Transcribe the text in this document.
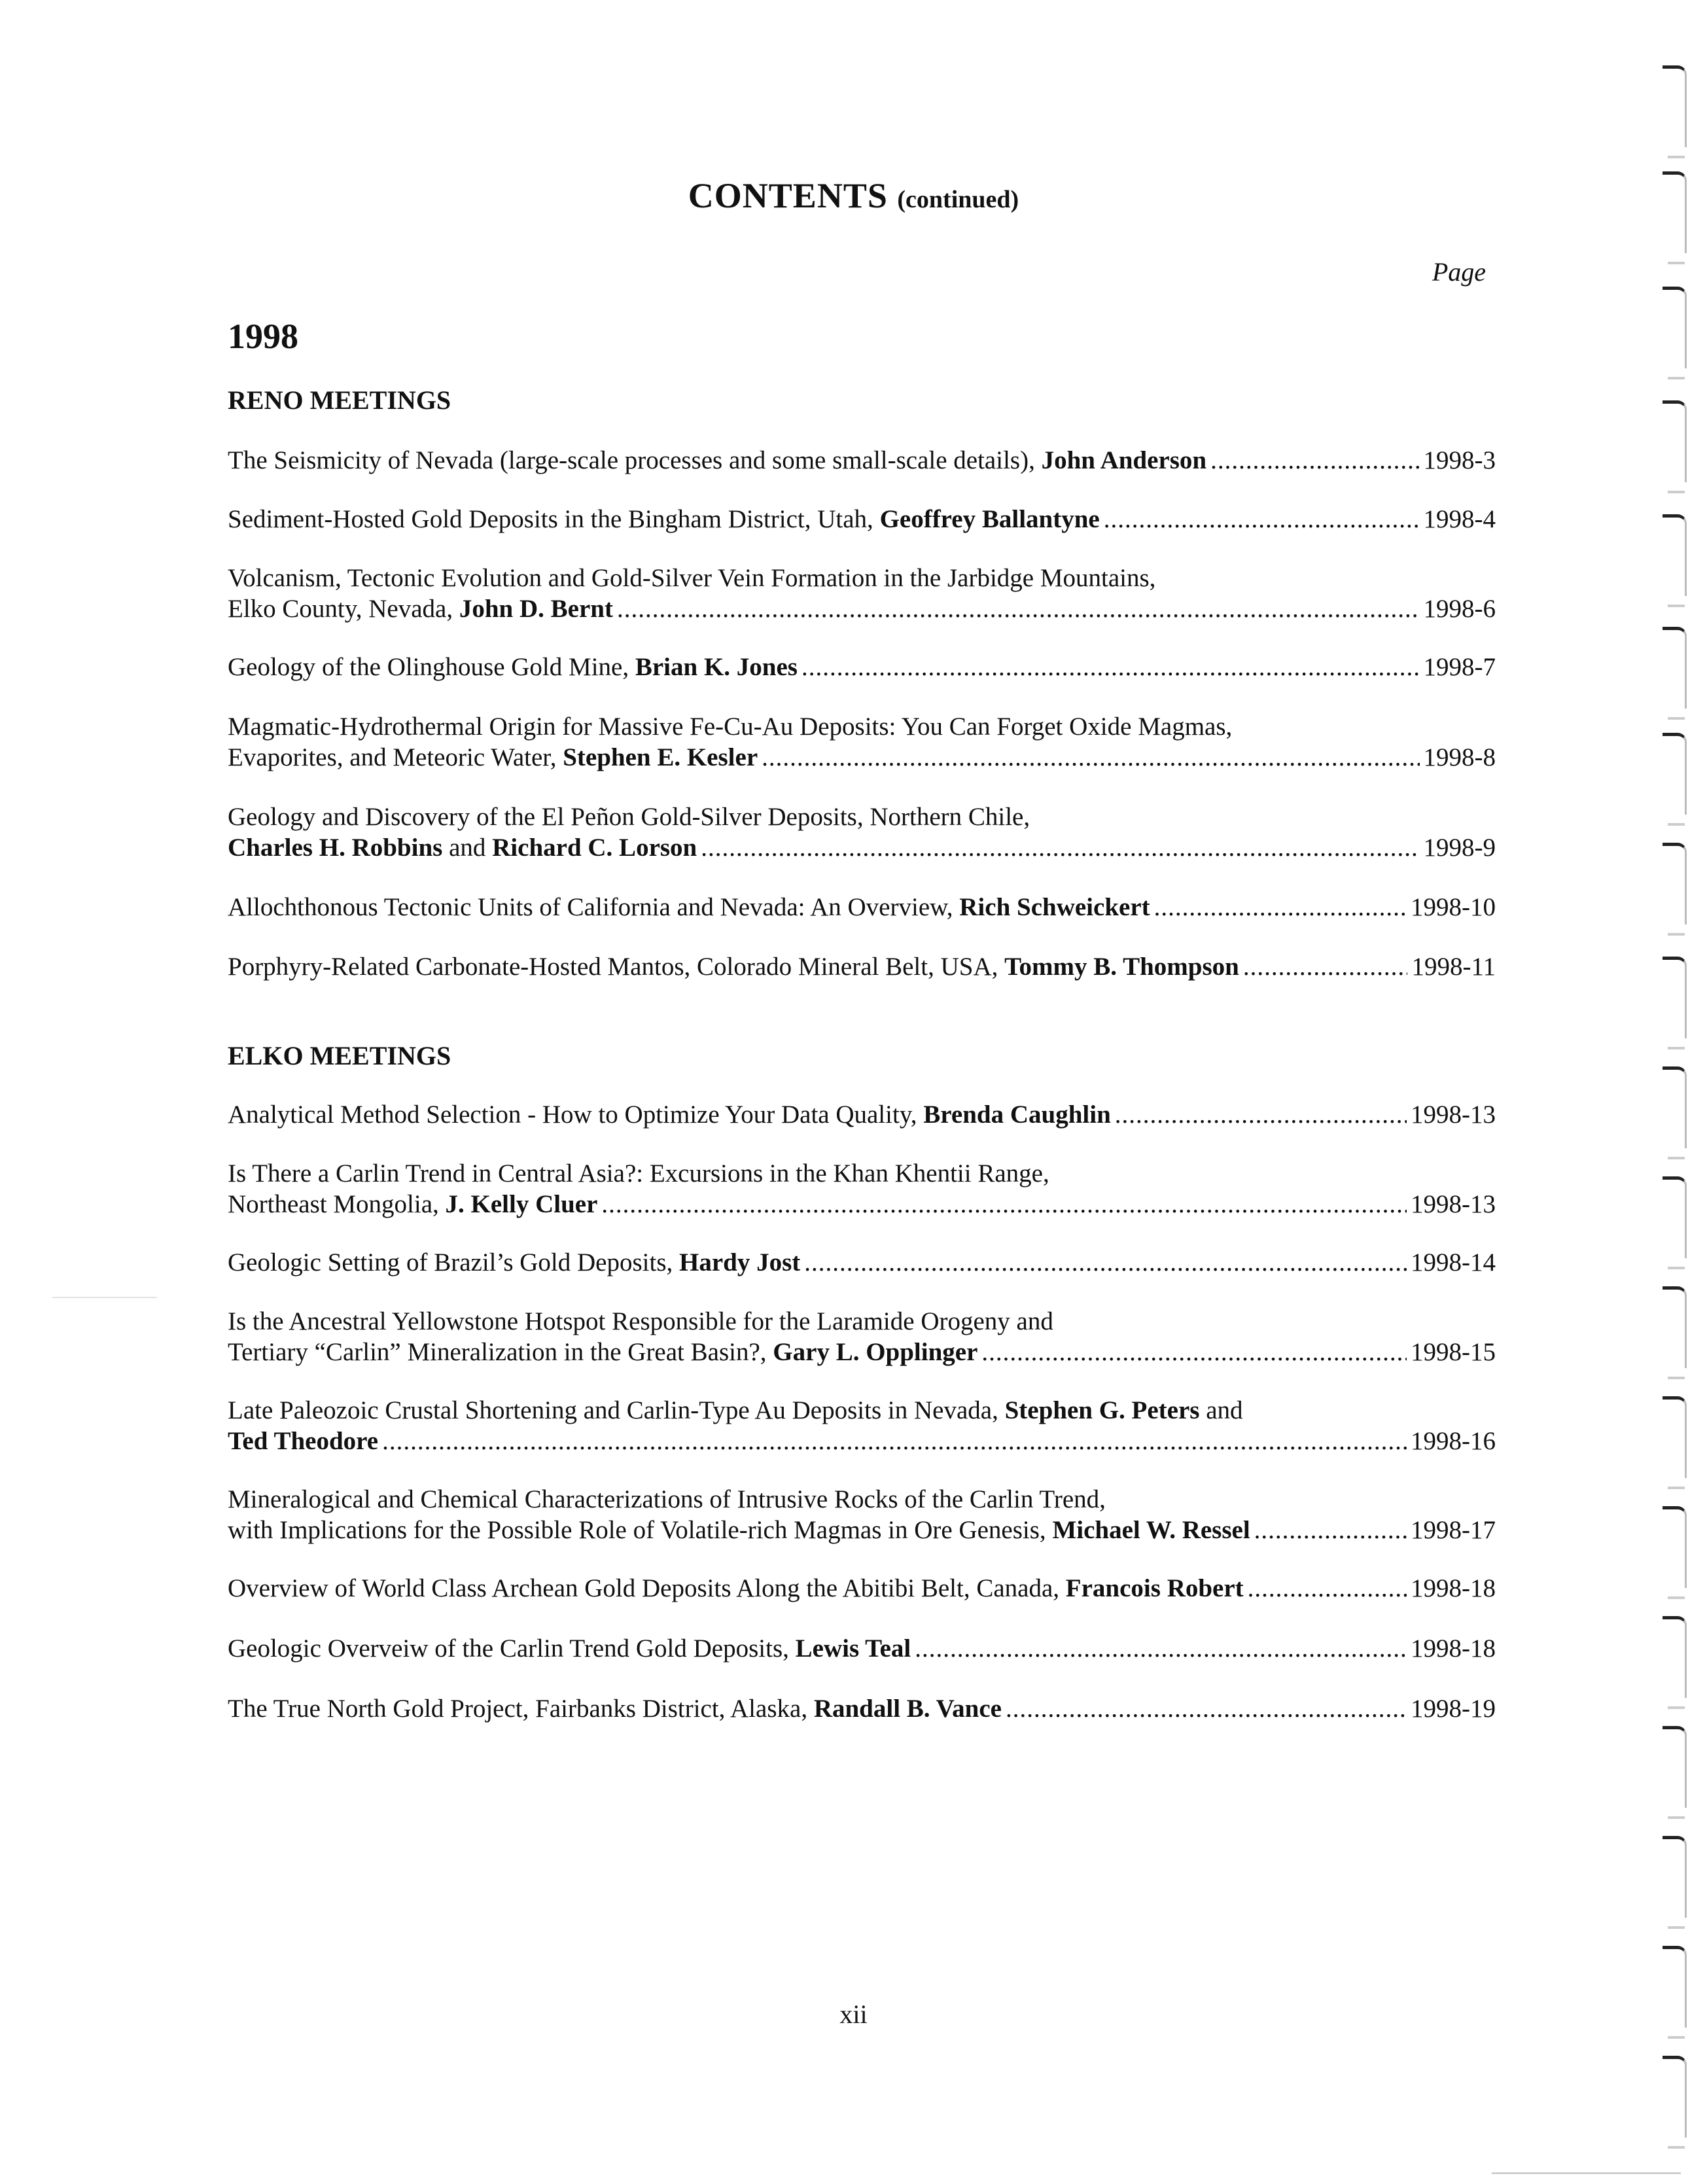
CONTENTS (continued)
Page
1998
RENO MEETINGS
The Seismicity of Nevada (large-scale processes and some small-scale details), John Anderson .....	1998-3
Sediment-Hosted Gold Deposits in the Bingham District, Utah, Geoffrey Ballantyne .....	1998-4
Volcanism, Tectonic Evolution and Gold-Silver Vein Formation in the Jarbidge Mountains,
Elko County, Nevada, John D. Bernt .....	1998-6
Geology of the Olinghouse Gold Mine, Brian K. Jones .....	1998-7
Magmatic-Hydrothermal Origin for Massive Fe-Cu-Au Deposits: You Can Forget Oxide Magmas,
Evaporites, and Meteoric Water, Stephen E. Kesler .....	1998-8
Geology and Discovery of the El Peñon Gold-Silver Deposits, Northern Chile,
Charles H. Robbins and Richard C. Lorson .....	1998-9
Allochthonous Tectonic Units of California and Nevada: An Overview, Rich Schweickert .....	1998-10
Porphyry-Related Carbonate-Hosted Mantos, Colorado Mineral Belt, USA, Tommy B. Thompson .....	1998-11
ELKO MEETINGS
Analytical Method Selection - How to Optimize Your Data Quality, Brenda Caughlin .....	1998-13
Is There a Carlin Trend in Central Asia?: Excursions in the Khan Khentii Range,
Northeast Mongolia, J. Kelly Cluer .....	1998-13
Geologic Setting of Brazil’s Gold Deposits, Hardy Jost .....	1998-14
Is the Ancestral Yellowstone Hotspot Responsible for the Laramide Orogeny and
Tertiary “Carlin” Mineralization in the Great Basin?, Gary L. Opplinger .....	1998-15
Late Paleozoic Crustal Shortening and Carlin-Type Au Deposits in Nevada, Stephen G. Peters and
Ted Theodore .....	1998-16
Mineralogical and Chemical Characterizations of Intrusive Rocks of the Carlin Trend,
with Implications for the Possible Role of Volatile-rich Magmas in Ore Genesis, Michael W. Ressel .....	1998-17
Overview of World Class Archean Gold Deposits Along the Abitibi Belt, Canada, Francois Robert .....	1998-18
Geologic Overveiw of the Carlin Trend Gold Deposits, Lewis Teal .....	1998-18
The True North Gold Project, Fairbanks District, Alaska, Randall B. Vance .....	1998-19
xii
